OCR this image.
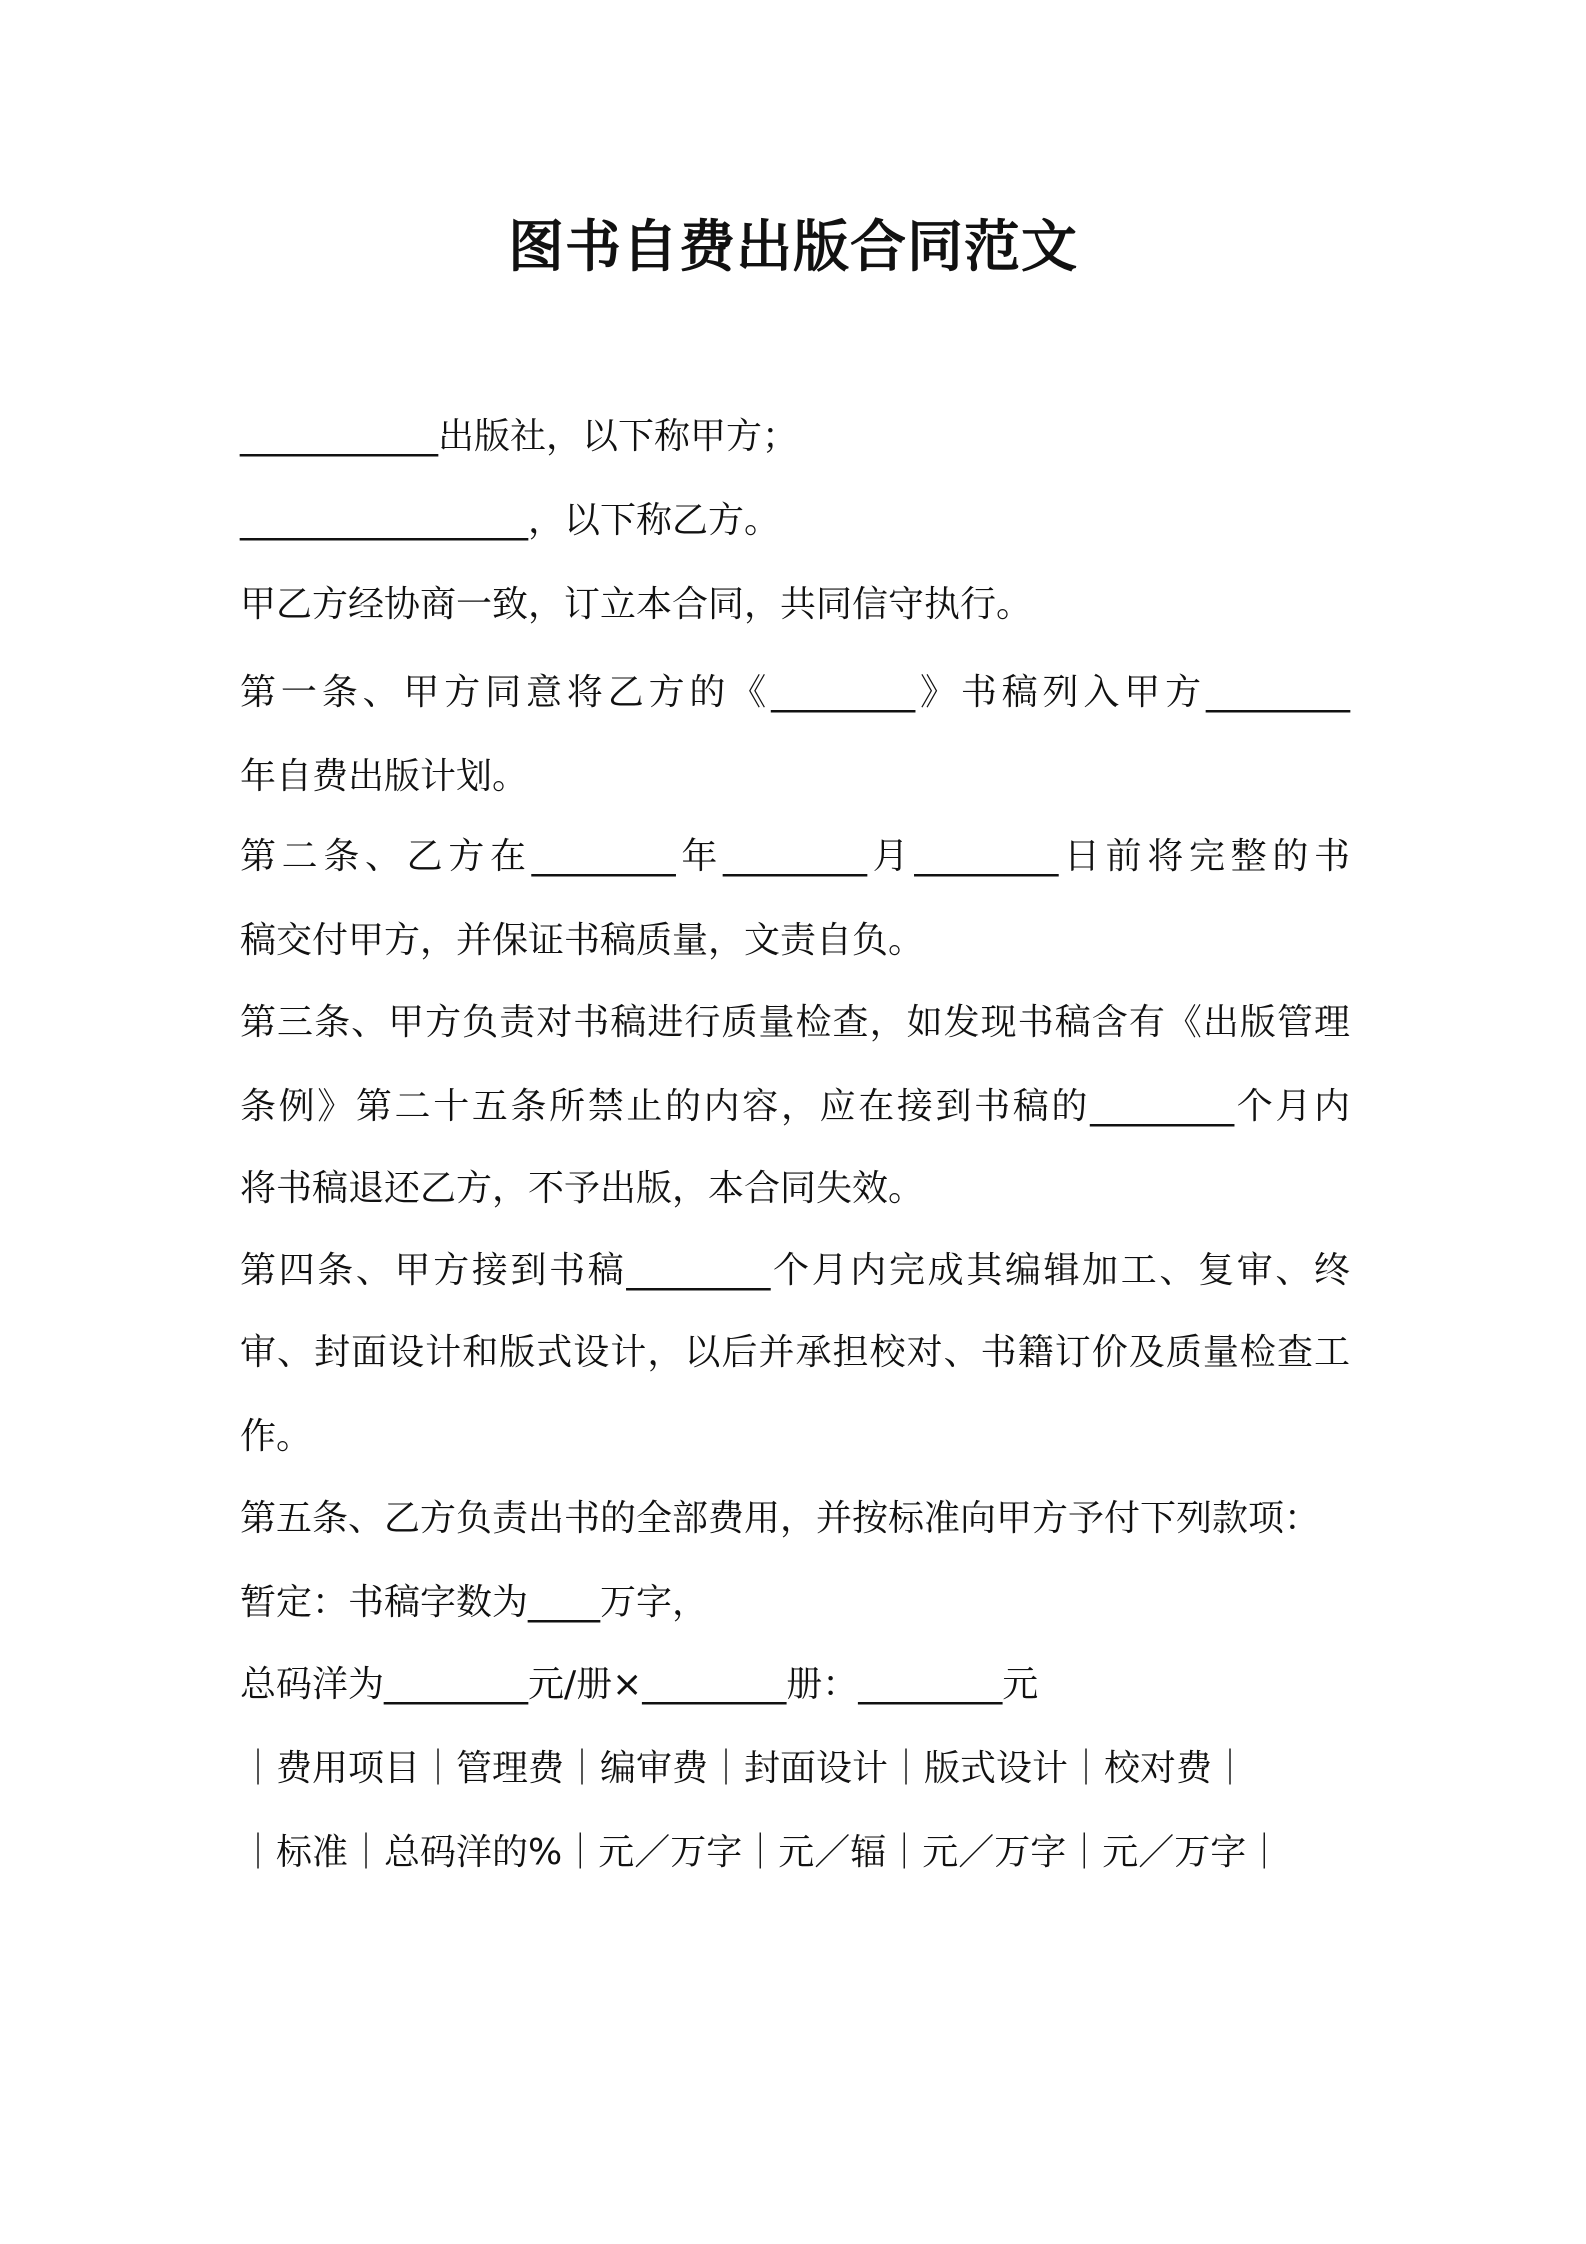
图书自费出版合同范文
___________出版社，以下称甲方；
________________，以下称乙方。
甲乙方经协商一致，订立本合同，共同信守执行。
第一条、甲方同意将乙方的《________》书稿列入甲方________
年自费出版计划。
第二条、乙方在________年________月________日前将完整的书
稿交付甲方，并保证书稿质量，文责自负。
第三条、甲方负责对书稿进行质量检查，如发现书稿含有《出版管理
条例》第二十五条所禁止的内容，应在接到书稿的________个月内
将书稿退还乙方，不予出版，本合同失效。
第四条、甲方接到书稿________个月内完成其编辑加工、复审、终
审、封面设计和版式设计，以后并承担校对、书籍订价及质量检查工
作。
第五条、乙方负责出书的全部费用，并按标准向甲方予付下列款项：
暂定：书稿字数为____万字，
总码洋为________元/册×________册：________元
｜费用项目｜管理费｜编审费｜封面设计｜版式设计｜校对费｜
｜标准｜总码洋的%｜元／万字｜元／辐｜元／万字｜元／万字｜
